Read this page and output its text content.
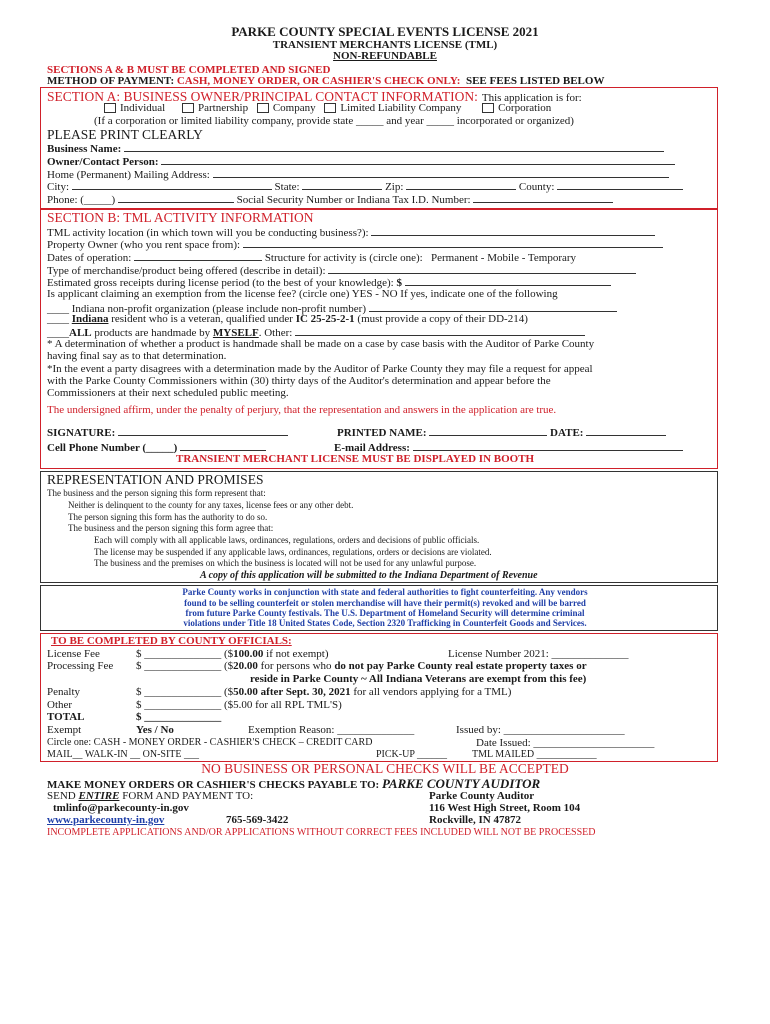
PARKE COUNTY SPECIAL EVENTS LICENSE 2021
TRANSIENT MERCHANTS LICENSE (TML)
NON-REFUNDABLE
SECTIONS A & B MUST BE COMPLETED AND SIGNED
METHOD OF PAYMENT: CASH, MONEY ORDER, OR CASHIER'S CHECK ONLY: SEE FEES LISTED BELOW
SECTION A: BUSINESS OWNER/PRINCIPAL CONTACT INFORMATION: This application is for:
Individual	Partnership Company Limited Liability Company	Corporation
(If a corporation or limited liability company, provide state _____ and year _____ incorporated or organized)
PLEASE PRINT CLEARLY
Business Name:
Owner/Contact Person:
Home (Permanent) Mailing Address:
City:	State:	Zip:	County:
Phone: (_____)	Social Security Number or Indiana Tax I.D. Number:
SECTION B: TML ACTIVITY INFORMATION
TML activity location (in which town will you be conducting business?):
Property Owner (who you rent space from):
Dates of operation:	Structure for activity is (circle one): Permanent - Mobile - Temporary
Type of merchandise/product being offered (describe in detail):
Estimated gross receipts during license period (to the best of your knowledge): $
Is applicant claiming an exemption from the license fee? (circle one) YES - NO If yes, indicate one of the following
____ Indiana non-profit organization (please include non-profit number)
____ Indiana resident who is a veteran, qualified under IC 25-25-2-1 (must provide a copy of their DD-214)
____ALL products are handmade by MYSELF. Other:
* A determination of whether a product is handmade shall be made on a case by case basis with the Auditor of Parke County
having final say as to that determination.
*In the event a party disagrees with a determination made by the Auditor of Parke County they may file a request for appeal
with the Parke County Commissioners within (30) thirty days of the Auditor's determination and appear before the
Commissioners at their next scheduled public meeting.
The undersigned affirm, under the penalty of perjury, that the representation and answers in the application are true.
SIGNATURE:	PRINTED NAME:	DATE:
Cell Phone Number (_____)	E-mail Address:
TRANSIENT MERCHANT LICENSE MUST BE DISPLAYED IN BOOTH
REPRESENTATION AND PROMISES
The business and the person signing this form represent that:
Neither is delinquent to the county for any taxes, license fees or any other debt.
The person signing this form has the authority to do so.
The business and the person signing this form agree that:
Each will comply with all applicable laws, ordinances, regulations, orders and decisions of public officials.
The license may be suspended if any applicable laws, ordinances, regulations, orders or decisions are violated.
The business and the premises on which the business is located will not be used for any unlawful purpose.
A copy of this application will be submitted to the Indiana Department of Revenue
Parke County works in conjunction with state and federal authorities to fight counterfeiting. Any vendors
found to be selling counterfeit or stolen merchandise will have their permit(s) revoked and will be barred
from future Parke County festivals. The U.S. Department of Homeland Security will determine criminal
violations under Title 18 United States Code, Section 2320 Trafficking in Counterfeit Goods and Services.
TO BE COMPLETED BY COUNTY OFFICIALS:
License Fee	$ ______________ ($100.00 if not exempt)	License Number 2021: ______________
Processing Fee $ ______________ ($20.00 for persons who do not pay Parke County real estate property taxes or
reside in Parke County ~ All Indiana Veterans are exempt from this fee)
Penalty	$ ______________ ($50.00 after Sept. 30, 2021 for all vendors applying for a TML)
Other	$ ______________ ($5.00 for all RPL TML'S)
TOTAL	$ ______________
Exempt	Yes / No	Exemption Reason: ______________	Issued by: ______________________
Circle one: CASH - MONEY ORDER - CASHIER'S CHECK – CREDIT CARD	Date Issued: ______________________
MAIL__ WALK-IN __ ON-SITE ___	PICK-UP ______ TML MAILED ____________
NO BUSINESS OR PERSONAL CHECKS WILL BE ACCEPTED
MAKE MONEY ORDERS OR CASHIER'S CHECKS PAYABLE TO: PARKE COUNTY AUDITOR
SEND ENTIRE FORM AND PAYMENT TO:
tmlinfo@parkecounty-in.gov
www.parkecounty-in.gov	765-569-3422
Parke County Auditor
116 West High Street, Room 104
Rockville, IN 47872
INCOMPLETE APPLICATIONS AND/OR APPLICATIONS WITHOUT CORRECT FEES INCLUDED WILL NOT BE PROCESSED
